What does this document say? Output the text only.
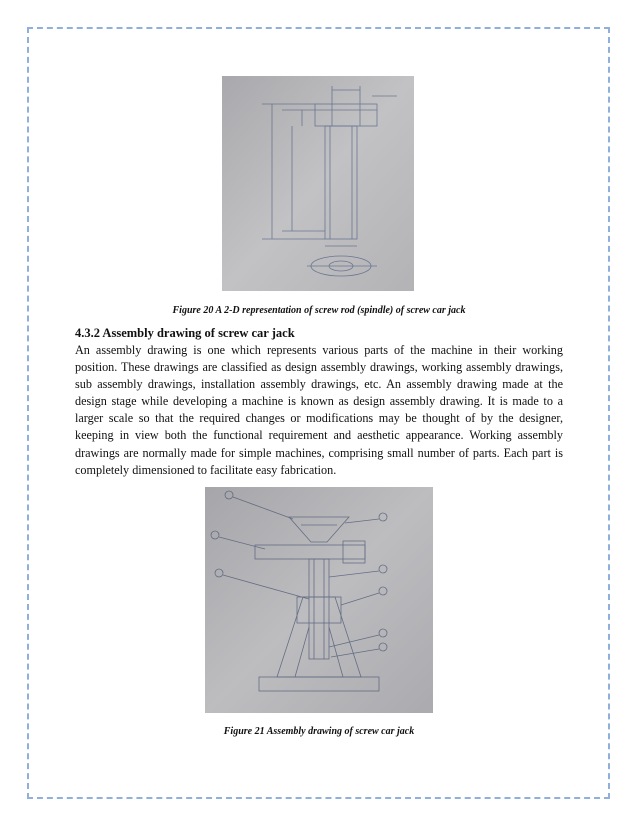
Figure 20 A 2-D representation of screw rod (spindle) of screw car jack
4.3.2 Assembly drawing of screw car jack
An assembly drawing is one which represents various parts of the machine in their working position. These drawings are classified as design assembly drawings, working assembly drawings, sub assembly drawings, installation assembly drawings, etc. An assembly drawing made at the design stage while developing a machine is known as design assembly drawing. It is made to a larger scale so that the required changes or modifications may be thought of by the designer, keeping in view both the functional requirement and aesthetic appearance. Working assembly drawings are normally made for simple machines, comprising small number of parts. Each part is completely dimensioned to facilitate easy fabrication.
Figure 21 Assembly drawing of screw car jack
